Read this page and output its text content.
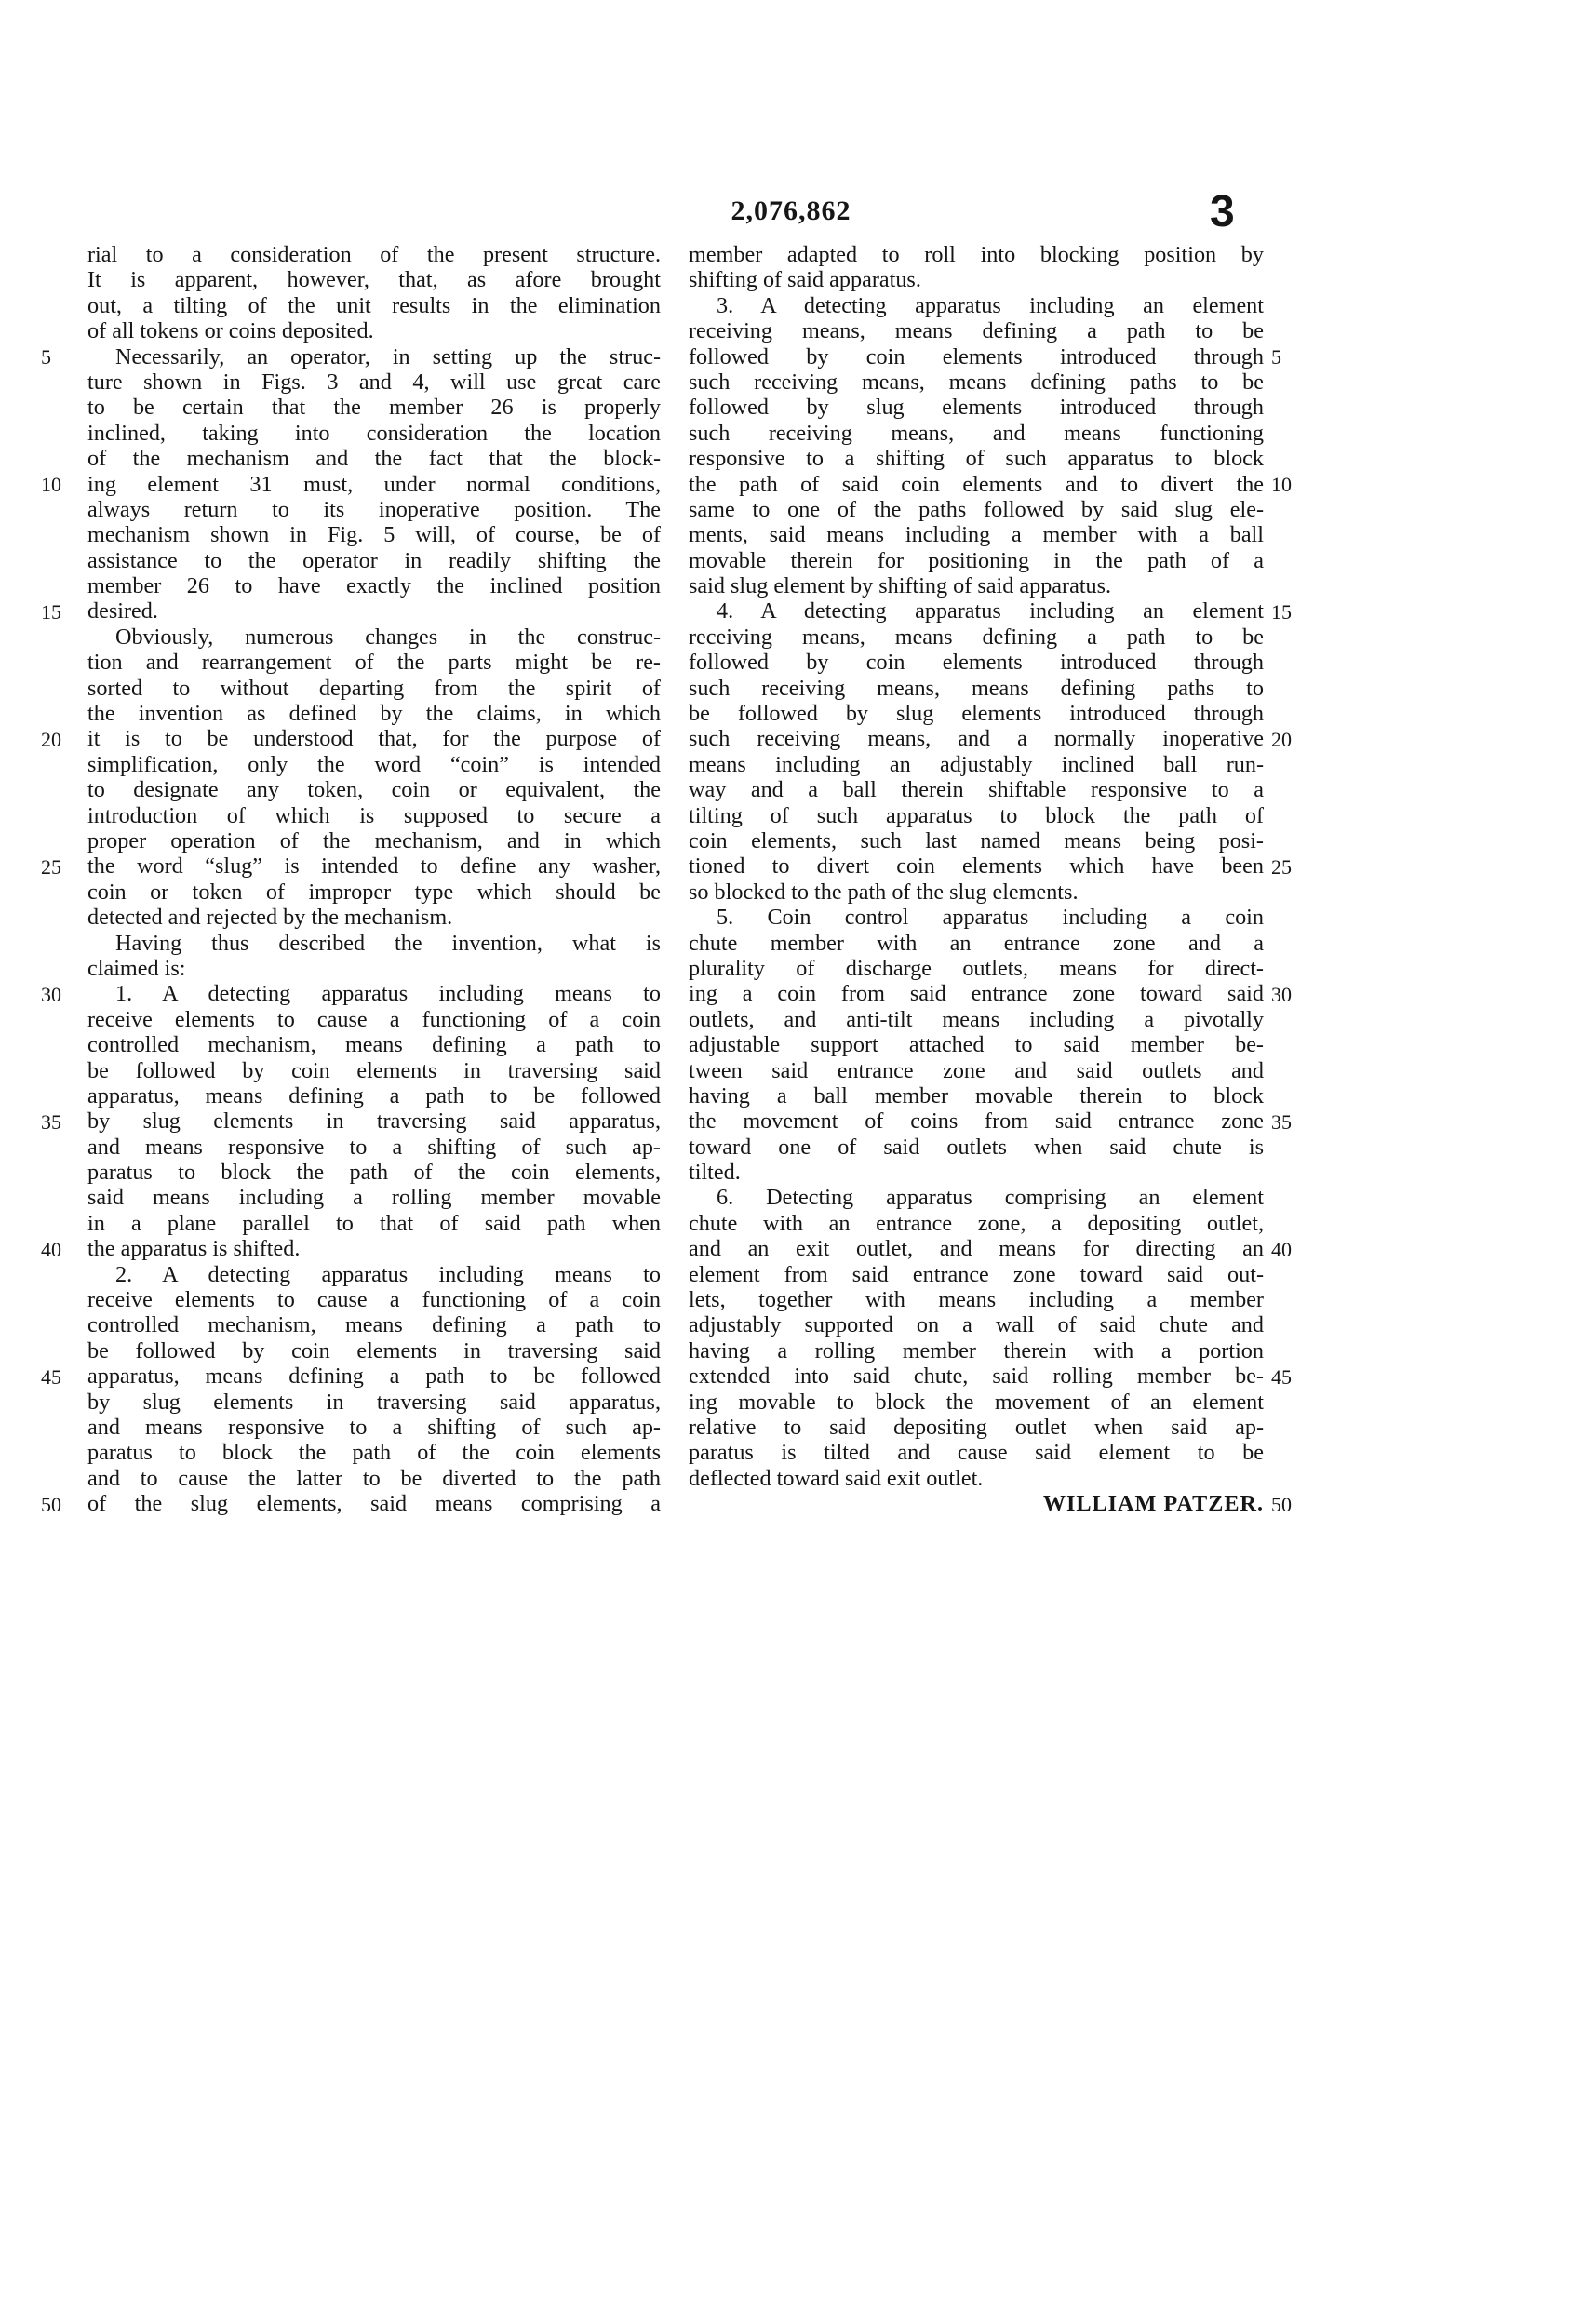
2,076,862	3
5
10
15
20
25
30
35
40
45
50
rial to a consideration of the present structure.
It is apparent, however, that, as afore brought
out, a tilting of the unit results in the elimination
of all tokens or coins deposited.
Necessarily, an operator, in setting up the struc-
ture shown in Figs. 3 and 4, will use great care
to be certain that the member 26 is properly
inclined, taking into consideration the location
of the mechanism and the fact that the block-
ing element 31 must, under normal conditions,
always return to its inoperative position. The
mechanism shown in Fig. 5 will, of course, be of
assistance to the operator in readily shifting the
member 26 to have exactly the inclined position
desired.
Obviously, numerous changes in the construc-
tion and rearrangement of the parts might be re-
sorted to without departing from the spirit of
the invention as defined by the claims, in which
it is to be understood that, for the purpose of
simplification, only the word “coin” is intended
to designate any token, coin or equivalent, the
introduction of which is supposed to secure a
proper operation of the mechanism, and in which
the word “slug” is intended to define any washer,
coin or token of improper type which should be
detected and rejected by the mechanism.
Having thus described the invention, what is
claimed is:
1. A detecting apparatus including means to
receive elements to cause a functioning of a coin
controlled mechanism, means defining a path to
be followed by coin elements in traversing said
apparatus, means defining a path to be followed
by slug elements in traversing said apparatus,
and means responsive to a shifting of such ap-
paratus to block the path of the coin elements,
said means including a rolling member movable
in a plane parallel to that of said path when
the apparatus is shifted.
2. A detecting apparatus including means to
receive elements to cause a functioning of a coin
controlled mechanism, means defining a path to
be followed by coin elements in traversing said
apparatus, means defining a path to be followed
by slug elements in traversing said apparatus,
and means responsive to a shifting of such ap-
paratus to block the path of the coin elements
and to cause the latter to be diverted to the path
of the slug elements, said means comprising a
member adapted to roll into blocking position by
shifting of said apparatus.
3. A detecting apparatus including an element
receiving means, means defining a path to be
followed by coin elements introduced through
such receiving means, means defining paths to be
followed by slug elements introduced through
such receiving means, and means functioning
responsive to a shifting of such apparatus to block
the path of said coin elements and to divert the
same to one of the paths followed by said slug ele-
ments, said means including a member with a ball
movable therein for positioning in the path of a
said slug element by shifting of said apparatus.
4. A detecting apparatus including an element
receiving means, means defining a path to be
followed by coin elements introduced through
such receiving means, means defining paths to
be followed by slug elements introduced through
such receiving means, and a normally inoperative
means including an adjustably inclined ball run-
way and a ball therein shiftable responsive to a
tilting of such apparatus to block the path of
coin elements, such last named means being posi-
tioned to divert coin elements which have been
so blocked to the path of the slug elements.
5. Coin control apparatus including a coin
chute member with an entrance zone and a
plurality of discharge outlets, means for direct-
ing a coin from said entrance zone toward said
outlets, and anti-tilt means including a pivotally
adjustable support attached to said member be-
tween said entrance zone and said outlets and
having a ball member movable therein to block
the movement of coins from said entrance zone
toward one of said outlets when said chute is
tilted.
6. Detecting apparatus comprising an element
chute with an entrance zone, a depositing outlet,
and an exit outlet, and means for directing an
element from said entrance zone toward said out-
lets, together with means including a member
adjustably supported on a wall of said chute and
having a rolling member therein with a portion
extended into said chute, said rolling member be-
ing movable to block the movement of an element
relative to said depositing outlet when said ap-
paratus is tilted and cause said element to be
deflected toward said exit outlet.
WILLIAM PATZER.
5
10
15
20
25
30
35
40
45
50
